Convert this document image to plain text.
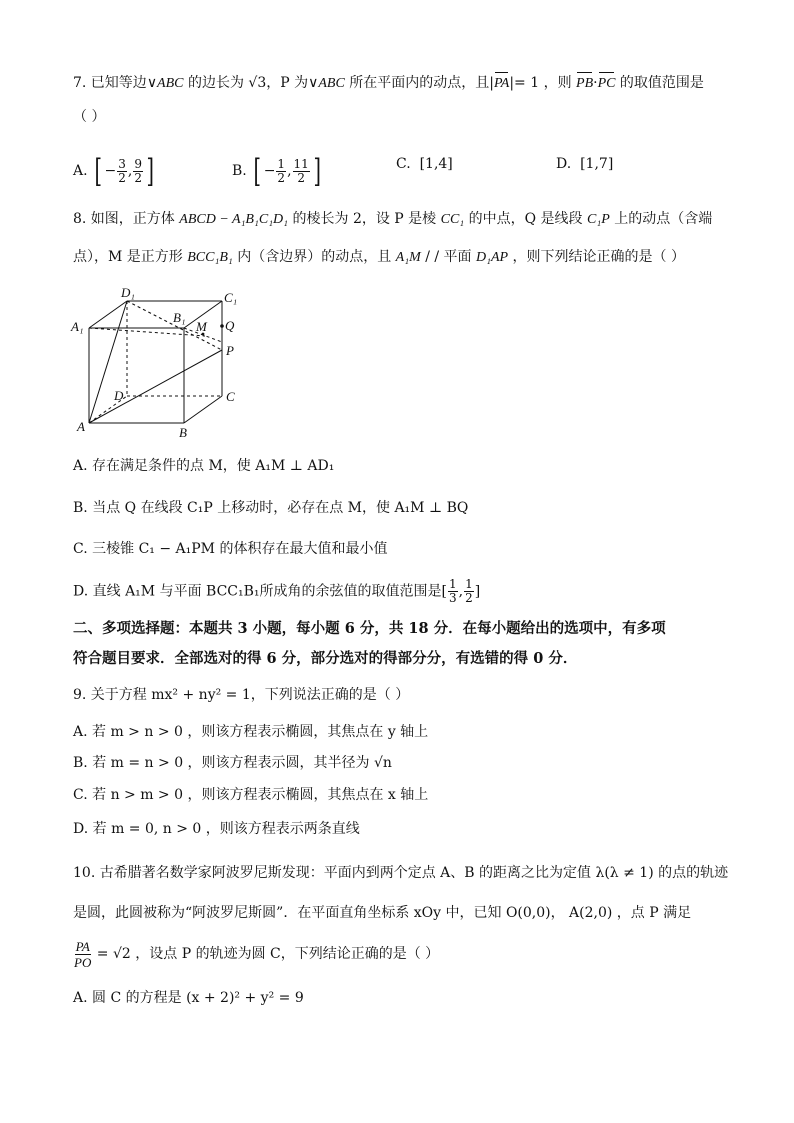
7. 已知等边∨ABC 的边长为 √3，P 为∨ABC 所在平面内的动点，且|PA|= 1 ，则 PB·PC 的取值范围是
（ ）
A. [ − $\frac{3}{2}$ , $\frac{9}{2}$ ]	B. [ − $\frac{1}{2}$ , $\frac{11}{2}$ ]	C. [1,4]	D. [1,7]
8. 如图，正方体 ABCD − A₁B₁C₁D₁ 的棱长为 2，设 P 是棱 CC₁ 的中点，Q 是线段 C₁P 上的动点（含端
点），M 是正方形 BCC₁B₁ 内（含边界）的动点，且 A₁M / / 平面 D₁AP ，则下列结论正确的是（ ）
D₁	C₁
A₁
B₁
M Q
P
D	C
A	B
A. 存在满足条件的点 M，使 A₁M ⊥ AD₁
B. 当点 Q 在线段 C₁P 上移动时，必存在点 M，使 A₁M ⊥ BQ
C. 三棱锥 C₁ − A₁PM 的体积存在最大值和最小值
D. 直线 A₁M 与平面 BCC₁B₁所成角的余弦值的取值范围是[ $\frac{1}{3}$ , $\frac{1}{2}$ ]
二、多项选择题：本题共 3 小题，每小题 6 分，共 18 分．在每小题给出的选项中，有多项
符合题目要求．全部选对的得 6 分，部分选对的得部分分，有选错的得 0 分．
9. 关于方程 mx² + ny² = 1，下列说法正确的是（ ）
A. 若 m > n > 0 ，则该方程表示椭圆，其焦点在 y 轴上
B. 若 m = n > 0 ，则该方程表示圆，其半径为 √n
C. 若 n > m > 0 ，则该方程表示椭圆，其焦点在 x 轴上
D. 若 m = 0, n > 0 ，则该方程表示两条直线
10. 古希腊著名数学家阿波罗尼斯发现：平面内到两个定点 A、B 的距离之比为定值 λ(λ ≠ 1) 的点的轨迹
是圆，此圆被称为“阿波罗尼斯圆”．在平面直角坐标系 xOy 中，已知 O(0,0)， A(2,0) ，点 P 满足
$\frac{PA}{PO} = √2$ ，设点 P 的轨迹为圆 C，下列结论正确的是（ ）
A. 圆 C 的方程是 (x + 2)² + y² = 9
